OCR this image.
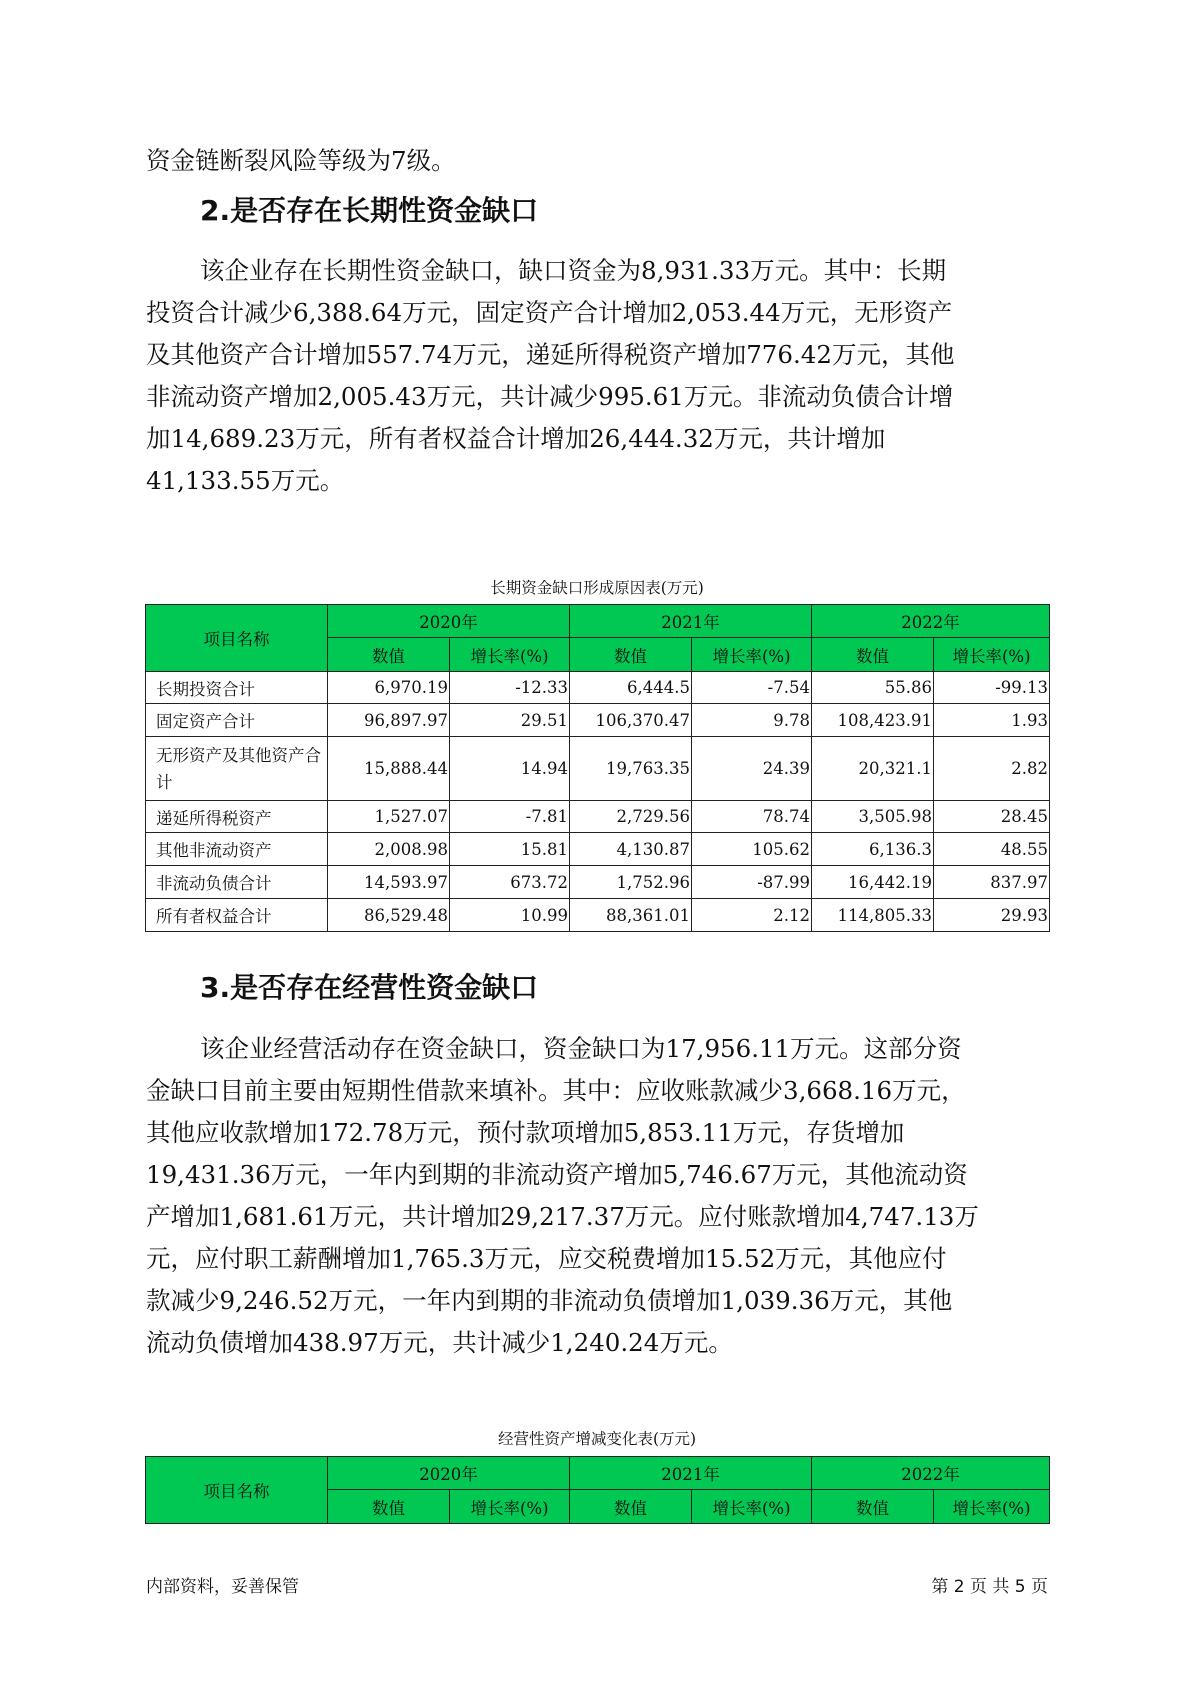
资金链断裂风险等级为7级。

2.是否存在长期性资金缺口
该企业存在长期性资金缺口，缺口资金为8,931.33万元。其中：长期
投资合计减少6,388.64万元，固定资产合计增加2,053.44万元，无形资产
及其他资产合计增加557.74万元，递延所得税资产增加776.42万元，其他
非流动资产增加2,005.43万元，共计减少995.61万元。非流动负债合计增
加14,689.23万元，所有者权益合计增加26,444.32万元，共计增加
41,133.55万元。
长期资金缺口形成原因表(万元)
项目名称	2020年		2021年		2022年	
	数值	增长率(%)	数值	增长率(%)	数值	增长率(%)
长期投资合计	6,970.19	-12.33	6,444.5	-7.54	55.86	-99.13
固定资产合计	96,897.97	29.51	106,370.47	9.78	108,423.91	1.93
无形资产及其他资产合计	15,888.44	14.94	19,763.35	24.39	20,321.1	2.82
递延所得税资产	1,527.07	-7.81	2,729.56	78.74	3,505.98	28.45
其他非流动资产	2,008.98	15.81	4,130.87	105.62	6,136.3	48.55
非流动负债合计	14,593.97	673.72	1,752.96	-87.99	16,442.19	837.97
所有者权益合计	86,529.48	10.99	88,361.01	2.12	114,805.33	29.93
3.是否存在经营性资金缺口
该企业经营活动存在资金缺口，资金缺口为17,956.11万元。这部分资
金缺口目前主要由短期性借款来填补。其中：应收账款减少3,668.16万元，
其他应收款增加172.78万元，预付款项增加5,853.11万元，存货增加
19,431.36万元，一年内到期的非流动资产增加5,746.67万元，其他流动资
产增加1,681.61万元，共计增加29,217.37万元。应付账款增加4,747.13万
元，应付职工薪酬增加1,765.3万元，应交税费增加15.52万元，其他应付
款减少9,246.52万元，一年内到期的非流动负债增加1,039.36万元，其他
流动负债增加438.97万元，共计减少1,240.24万元。
经营性资产增减变化表(万元)
项目名称	2020年		2021年		2022年	
	数值	增长率(%)	数值	增长率(%)	数值	增长率(%)
内部资料，妥善保管	第 2 页 共 5 页
